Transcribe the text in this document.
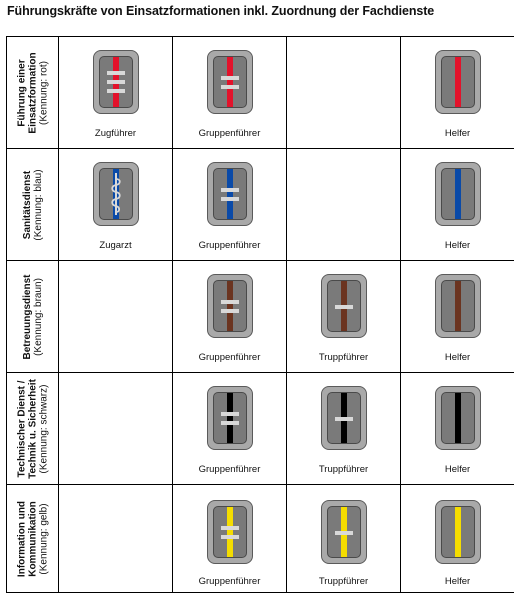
Führungskräfte von Einsatzformationen inkl. Zuordnung der Fachdienste
Führung einer Einsatzformation (Kennung: rot)	Zugführer	Gruppenführer		Helfer

Sanitätsdienst (Kennung: blau)	Zugarzt	Gruppenführer		Helfer

Betreuungsdienst (Kennung: braun)		Gruppenführer	Truppführer	Helfer

Technischer Dienst / Technik u. Sicherheit (Kennung: schwarz)		Gruppenführer	Truppführer	Helfer

Information und Kommunikation (Kennung: gelb)		Gruppenführer	Truppführer	Helfer
